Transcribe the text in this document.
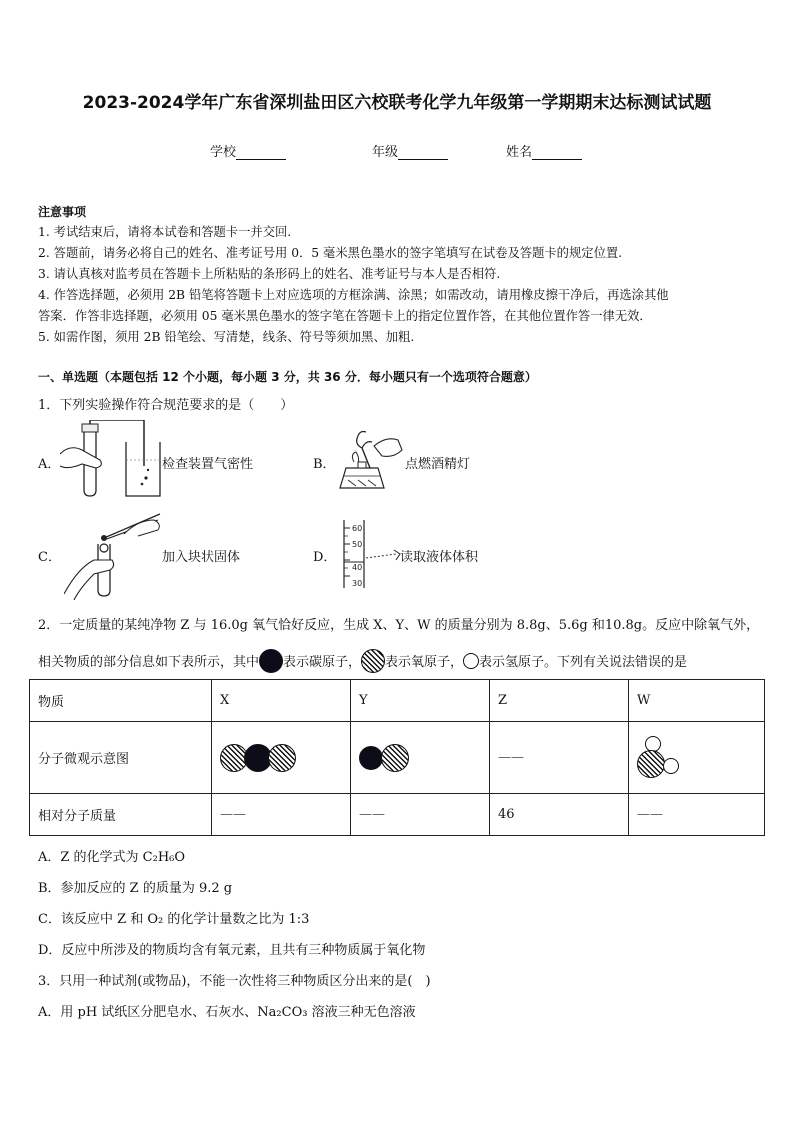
2023-2024学年广东省深圳盐田区六校联考化学九年级第一学期期末达标测试试题
学校	年级	姓名
注意事项
1. 考试结束后，请将本试卷和答题卡一并交回.
2. 答题前，请务必将自己的姓名、准考证号用 0．5 毫米黑色墨水的签字笔填写在试卷及答题卡的规定位置.
3. 请认真核对监考员在答题卡上所粘贴的条形码上的姓名、准考证号与本人是否相符.
4. 作答选择题，必须用 2B 铅笔将答题卡上对应选项的方框涂满、涂黑；如需改动，请用橡皮擦干净后，再选涂其他
答案．作答非选择题，必须用 05 毫米黑色墨水的签字笔在答题卡上的指定位置作答，在其他位置作答一律无效．
5. 如需作图，须用 2B 铅笔绘、写清楚，线条、符号等须加黑、加粗.
一、单选题（本题包括 12 个小题，每小题 3 分，共 36 分．每小题只有一个选项符合题意）
1．下列实验操作符合规范要求的是（　　）
A．	检查装置气密性	B．	点燃酒精灯
C．	加入块状固体	D．
60
50
40
30
读取液体体积
2．一定质量的某纯净物 Z 与 16.0g 氧气恰好反应，生成 X、Y、W 的质量分别为 8.8g、5.6g 和10.8g。反应中除氧气外，
相关物质的部分信息如下表所示，其中 表示碳原子， 表示氧原子， 表示氢原子。下列有关说法错误的是
物质	X	Y	Z	W
分子微观示意图			——	

相对分子质量	——	——	46	——
A．Z 的化学式为 C₂H₆O
B．参加反应的 Z 的质量为 9.2 g
C．该反应中 Z 和 O₂ 的化学计量数之比为 1:3
D．反应中所涉及的物质均含有氧元素，且共有三种物质属于氧化物
3．只用一种试剂(或物品)，不能一次性将三种物质区分出来的是(　)
A．用 pH 试纸区分肥皂水、石灰水、Na₂CO₃ 溶液三种无色溶液
